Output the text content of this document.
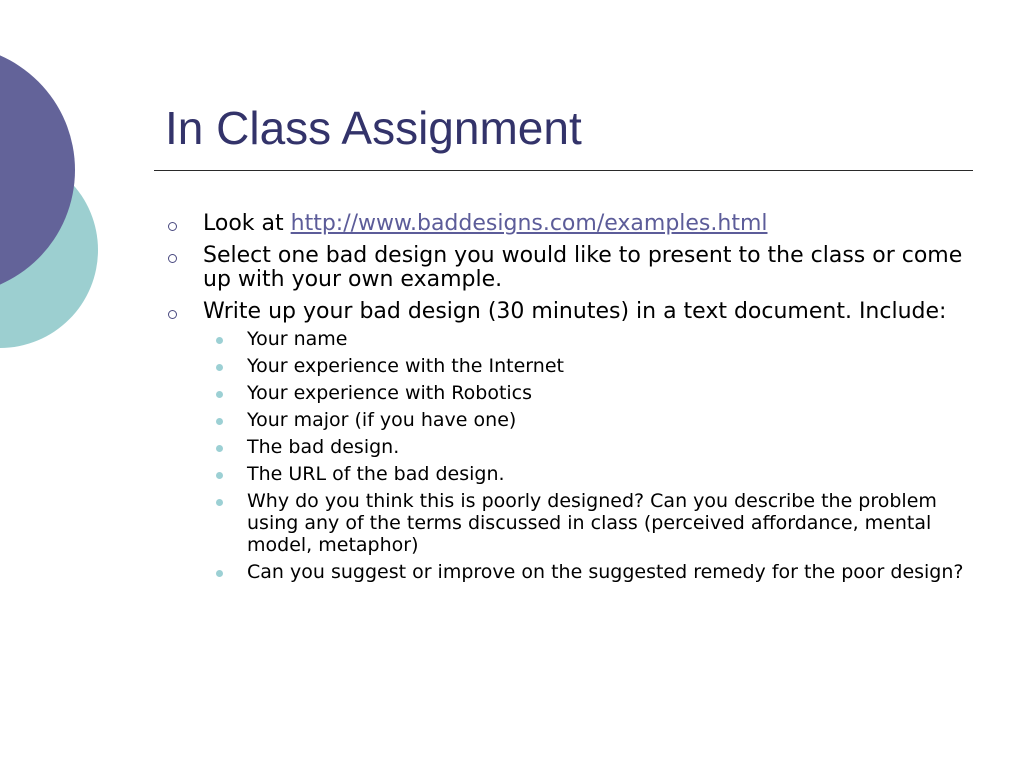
In Class Assignment
Look at http://www.baddesigns.com/examples.html
Select one bad design you would like to present to the class or come up with your own example.
Write up your bad design (30 minutes) in a text document. Include:
Your name
Your experience with the Internet
Your experience with Robotics
Your major (if you have one)
The bad design.
The URL of the bad design.
Why do you think this is poorly designed? Can you describe the problem using any of the terms discussed in class (perceived affordance, mental model, metaphor)
Can you suggest or improve on the suggested remedy for the poor design?
